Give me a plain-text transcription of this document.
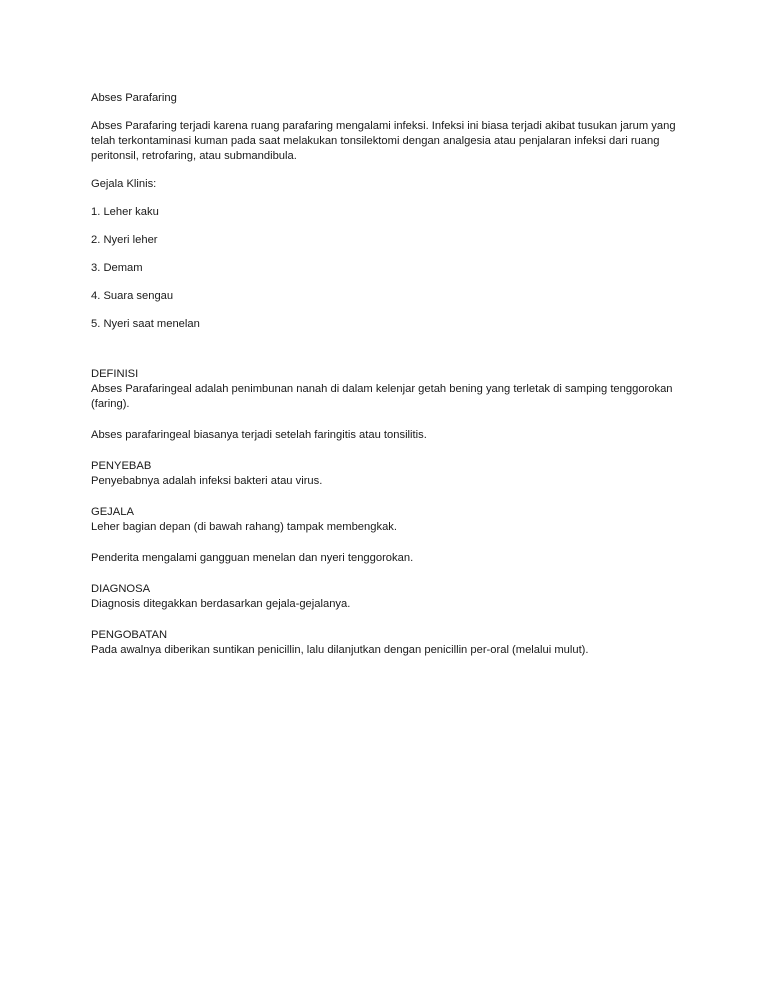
Abses Parafaring

Abses Parafaring terjadi karena ruang parafaring mengalami infeksi. Infeksi ini biasa terjadi akibat tusukan jarum yang telah terkontaminasi kuman pada saat melakukan tonsilektomi dengan analgesia atau penjalaran infeksi dari ruang peritonsil, retrofaring, atau submandibula.

Gejala Klinis:

1. Leher kaku
2. Nyeri leher
3. Demam
4. Suara sengau
5. Nyeri saat menelan
DEFINISI
Abses Parafaringeal adalah penimbunan nanah di dalam kelenjar getah bening yang terletak di samping tenggorokan (faring).

Abses parafaringeal biasanya terjadi setelah faringitis atau tonsilitis.

PENYEBAB
Penyebabnya adalah infeksi bakteri atau virus.
GEJALA
Leher bagian depan (di bawah rahang) tampak membengkak.

Penderita mengalami gangguan menelan dan nyeri tenggorokan.

DIAGNOSA
Diagnosis ditegakkan berdasarkan gejala-gejalanya.
PENGOBATAN
Pada awalnya diberikan suntikan penicillin, lalu dilanjutkan dengan penicillin per-oral (melalui mulut).
